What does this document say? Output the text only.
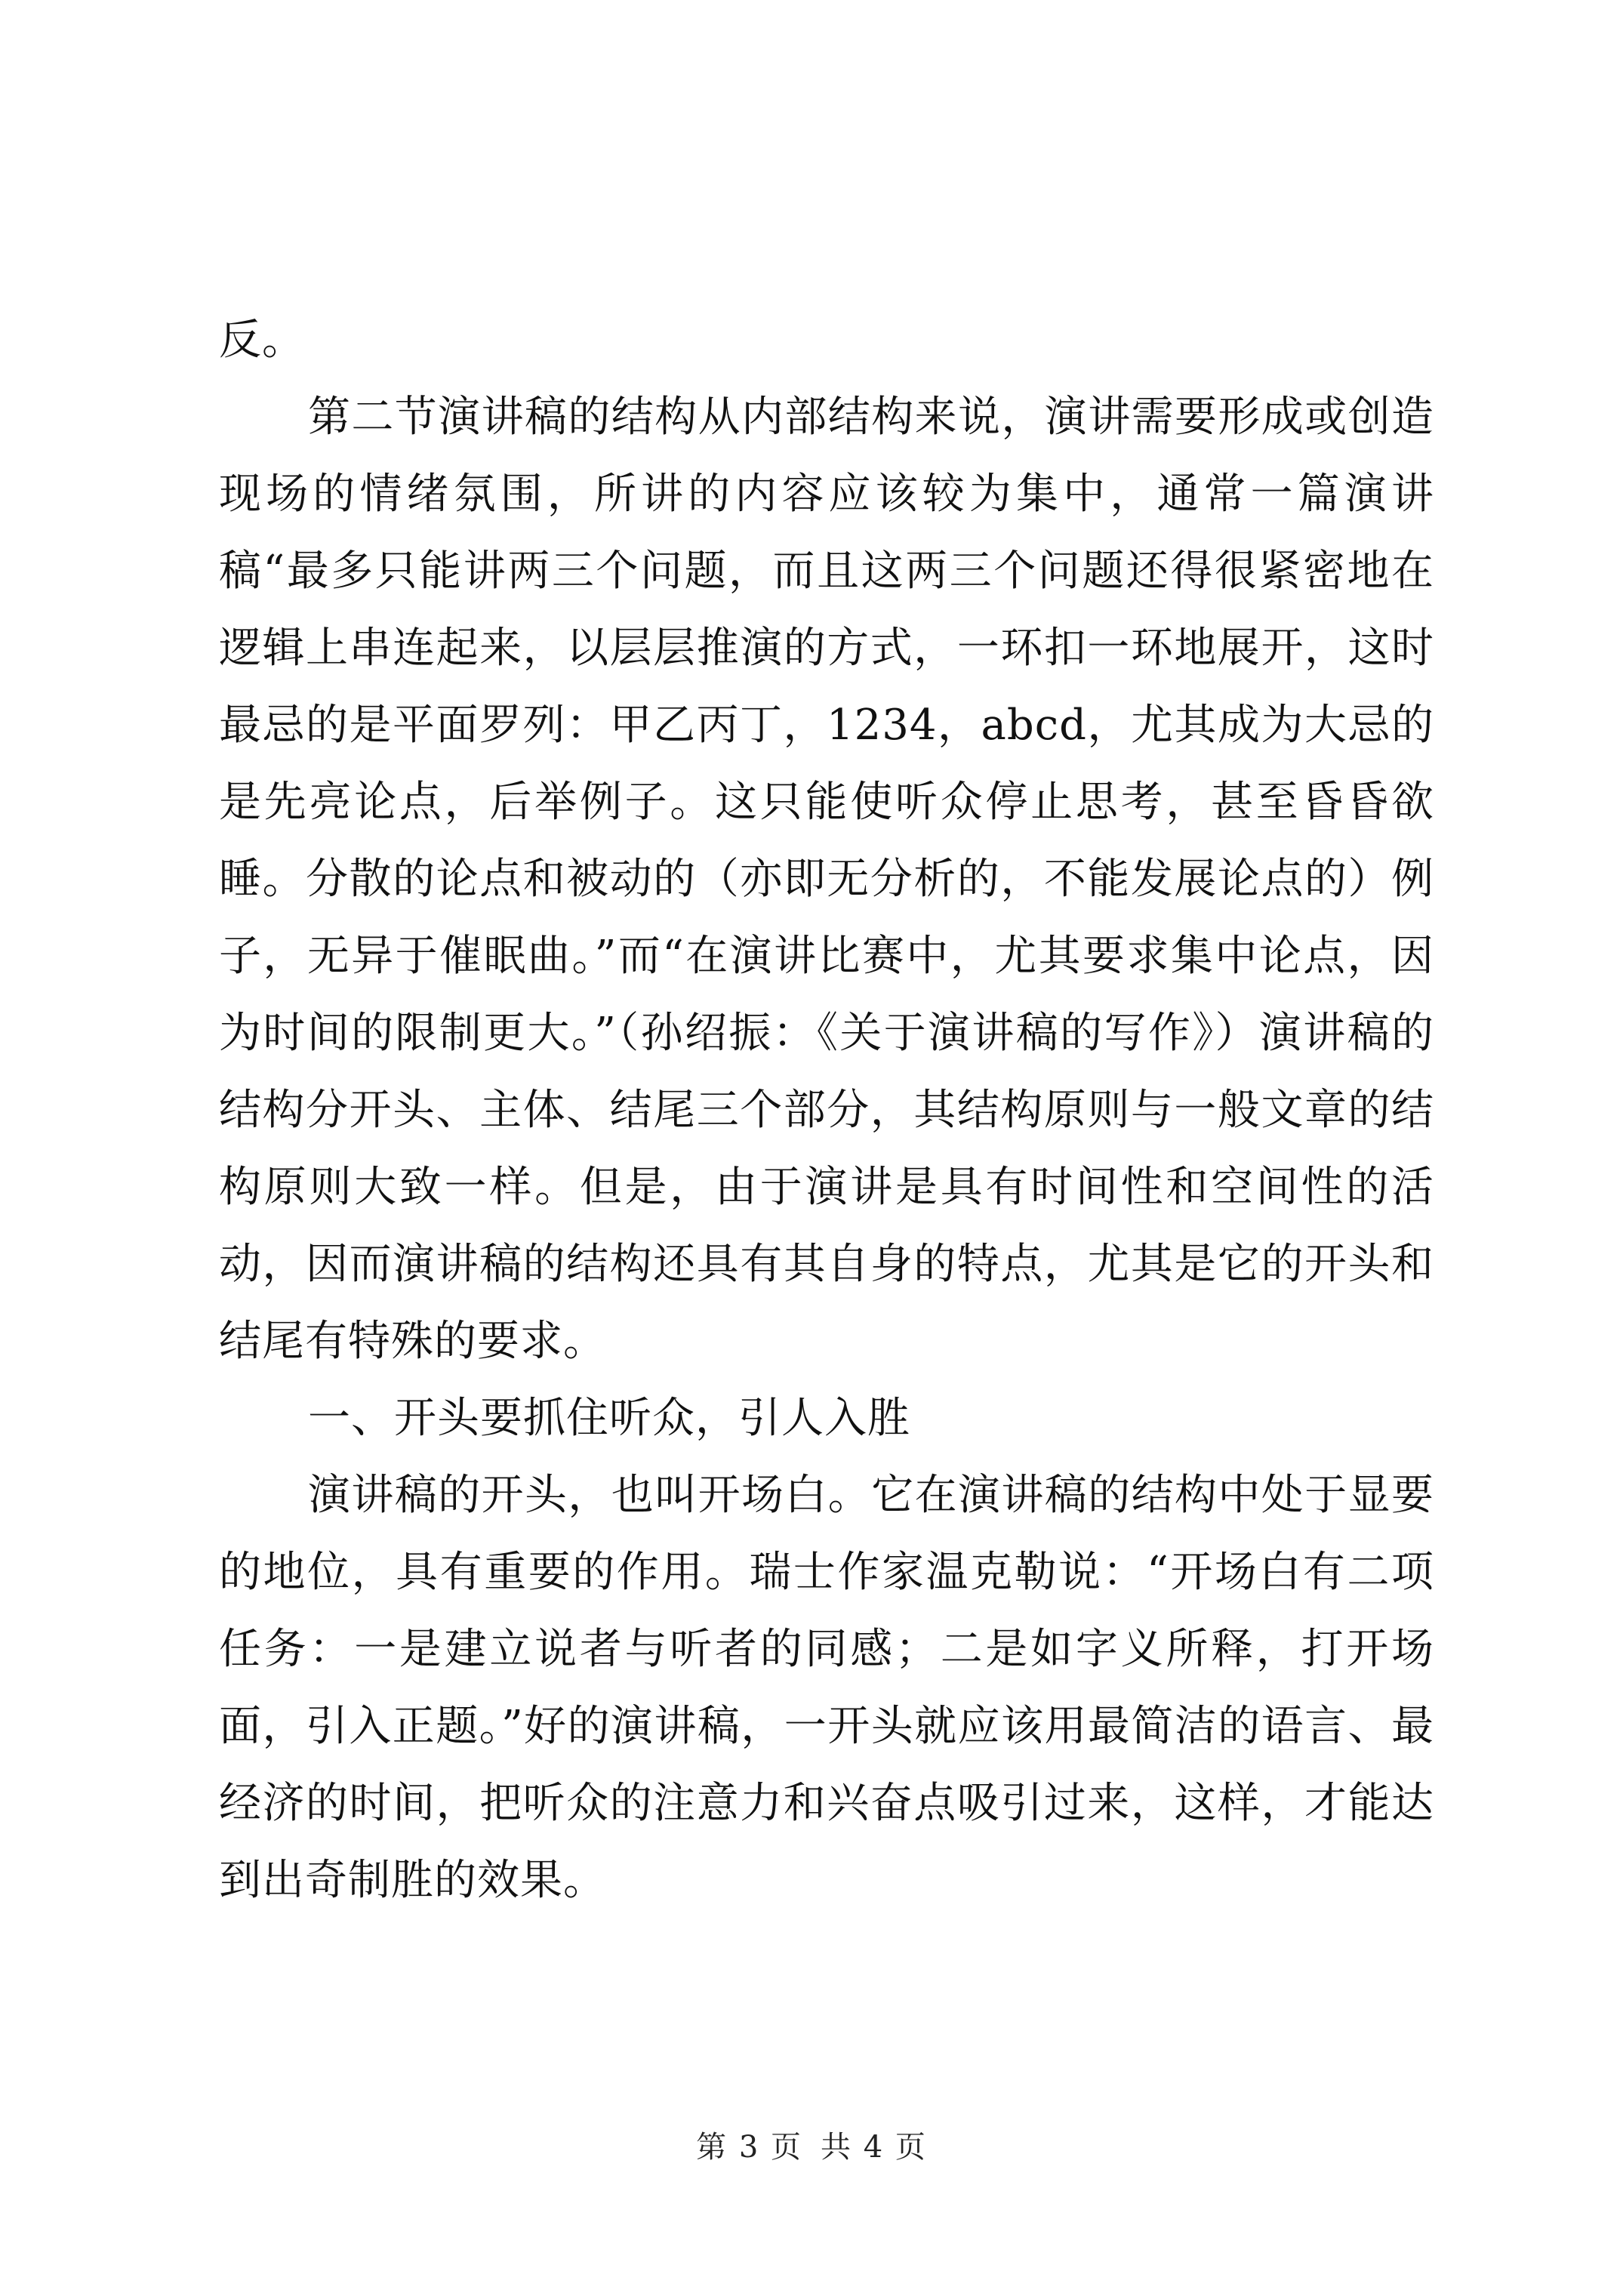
反。

第二节演讲稿的结构从内部结构来说，演讲需要形成或创造现场的情绪氛围，所讲的内容应该较为集中，通常一篇演讲稿“最多只能讲两三个问题，而且这两三个问题还得很紧密地在逻辑上串连起来，以层层推演的方式，一环扣一环地展开，这时最忌的是平面罗列：甲乙丙丁，1234，abcd，尤其成为大忌的是先亮论点，后举例子。这只能使听众停止思考，甚至昏昏欲睡。分散的论点和被动的（亦即无分析的，不能发展论点的）例子，无异于催眠曲。”而“在演讲比赛中，尤其要求集中论点，因为时间的限制更大。”（孙绍振：《关于演讲稿的写作》）演讲稿的结构分开头、主体、结尾三个部分，其结构原则与一般文章的结构原则大致一样。但是，由于演讲是具有时间性和空间性的活动，因而演讲稿的结构还具有其自身的特点，尤其是它的开头和结尾有特殊的要求。

一、开头要抓住听众，引人入胜

演讲稿的开头，也叫开场白。它在演讲稿的结构中处于显要的地位，具有重要的作用。瑞士作家温克勒说：“开场白有二项任务：一是建立说者与听者的同感；二是如字义所释，打开场面，引入正题。”好的演讲稿，一开头就应该用最简洁的语言、最经济的时间，把听众的注意力和兴奋点吸引过来，这样，才能达到出奇制胜的效果。

第 3 页 共 4 页
